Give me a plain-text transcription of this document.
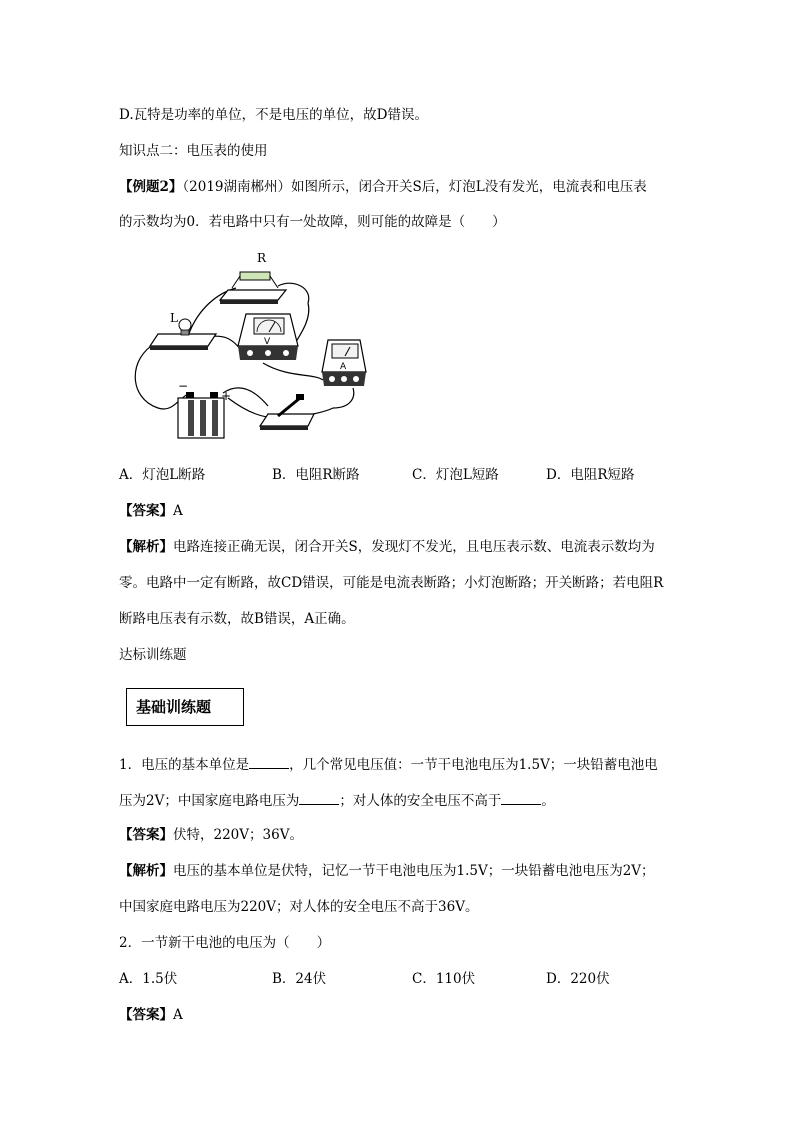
D.瓦特是功率的单位，不是电压的单位，故D错误。
知识点二：电压表的使用
【例题2】（2019湖南郴州）如图所示，闭合开关S后，灯泡L没有发光，电流表和电压表
的示数均为0．若电路中只有一处故障，则可能的故障是（　　）
R
L
V
A
−
+
A．灯泡L断路	B．电阻R断路	C．灯泡L短路	D．电阻R短路
【答案】A
【解析】电路连接正确无误，闭合开关S，发现灯不发光，且电压表示数、电流表示数均为
零。电路中一定有断路，故CD错误，可能是电流表断路；小灯泡断路；开关断路；若电阻R
断路电压表有示数，故B错误，A正确。
达标训练题
基础训练题
1．电压的基本单位是	，几个常见电压值：一节干电池电压为1.5V；一块铅蓄电池电
压为2V；中国家庭电路电压为	；对人体的安全电压不高于	。
【答案】伏特，220V；36V。
【解析】电压的基本单位是伏特，记忆一节干电池电压为1.5V；一块铅蓄电池电压为2V；
中国家庭电路电压为220V；对人体的安全电压不高于36V。
2．一节新干电池的电压为（　　）
A．1.5伏	B．24伏	C．110伏	D．220伏
【答案】A
